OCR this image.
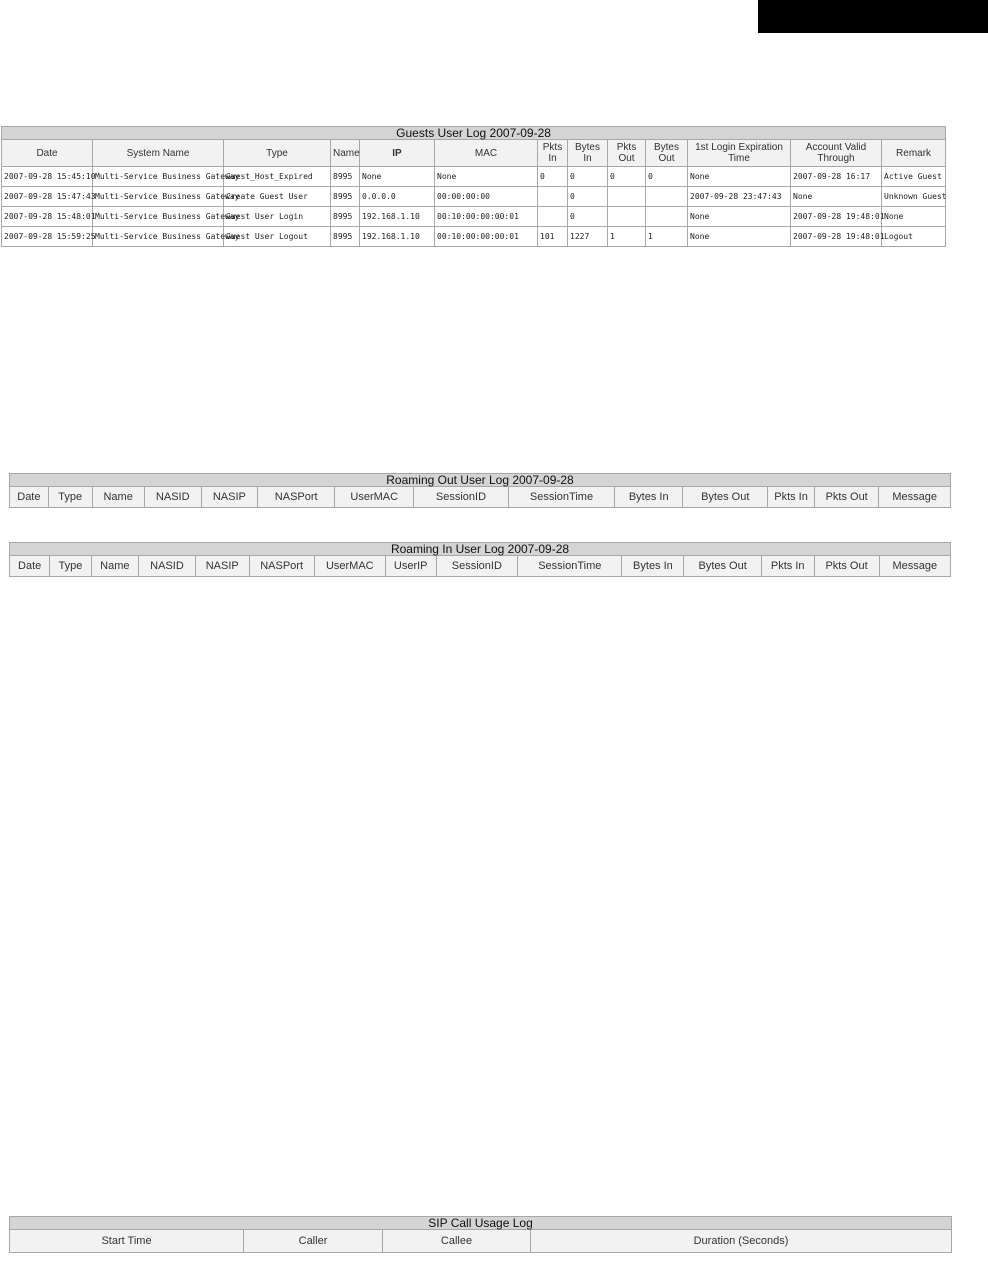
Guests User Log 2007-09-28												
Date	System Name	Type	Name	IP	MAC	Pkts In	Bytes In	Pkts Out	Bytes Out	1st Login Expiration Time	Account Valid Through	Remark
2007-09-28 15:45:10	Multi-Service Business Gateway	Guest_Host_Expired	8995	None	None	0	0	0	0	None	2007-09-28 16:17	Active Guest
2007-09-28 15:47:43	Multi-Service Business Gateway	Create Guest User	8995	0.0.0.0	00:00:00:00		0			2007-09-28 23:47:43	None	Unknown Guest
2007-09-28 15:48:01	Multi-Service Business Gateway	Guest User Login	8995	192.168.1.10	00:10:00:00:00:01		0			None	2007-09-28 19:48:01	None
2007-09-28 15:59:25	Multi-Service Business Gateway	Guest User Logout	8995	192.168.1.10	00:10:00:00:00:01	101	1227	1	1	None	2007-09-28 19:48:01	Logout
Roaming Out User Log 2007-09-28
Date	Type	Name	NASID	NASIP	NASPort	UserMAC	SessionID	SessionTime	Bytes In	Bytes Out	Pkts In	Pkts Out	Message
Roaming In User Log 2007-09-28
Date	Type	Name	NASID	NASIP	NASPort	UserMAC	UserIP	SessionID	SessionTime	Bytes In	Bytes Out	Pkts In	Pkts Out	Message
SIP Call Usage Log
Start Time	Caller	Callee	Duration (Seconds)
